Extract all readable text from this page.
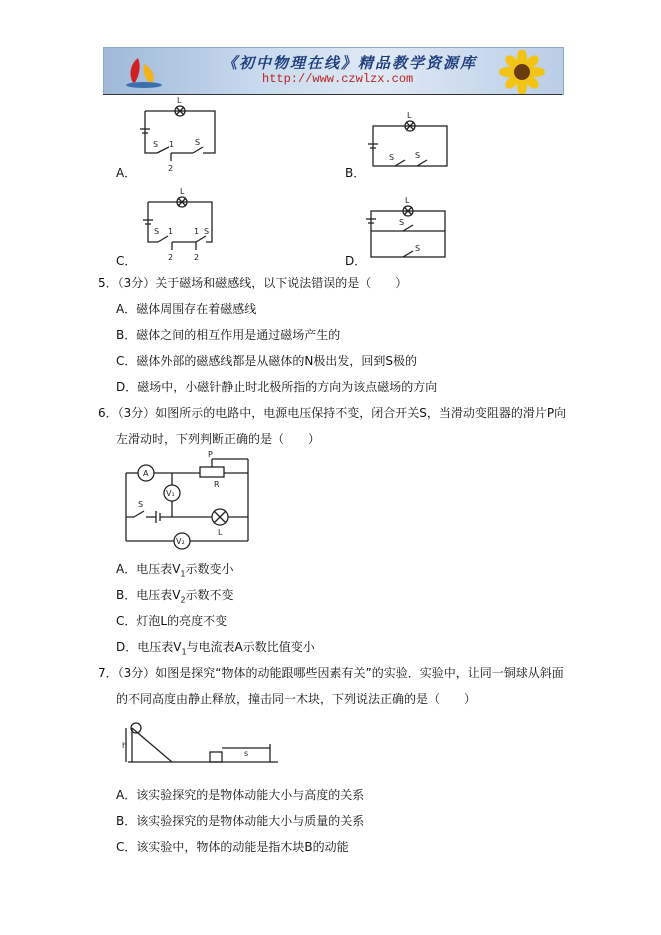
《初中物理在线》精品教学资源库
http://www.czwlzx.com
L
S 1	S
2
A．
L
S	S
B．
L
S 1	1 S
2	2
C．
L
S
S
D．
5．（3分）关于磁场和磁感线，以下说法错误的是（　　）
A．磁体周围存在着磁感线
B．磁体之间的相互作用是通过磁场产生的
C．磁体外部的磁感线都是从磁体的N极出发，回到S极的
D．磁场中，小磁针静止时北极所指的方向为该点磁场的方向
6．（3分）如图所示的电路中，电源电压保持不变，闭合开关S，当滑动变阻器的滑片P向
左滑动时，下列判断正确的是（　　）
A
P
R
V₁
S
L
V₂
A．电压表$V_1$示数变小
B．电压表$V_2$示数不变
C．灯泡L的亮度不变
D．电压表$V_1$与电流表A示数比值变小
7．（3分）如图是探究“物体的动能跟哪些因素有关”的实验．实验中，让同一铜球从斜面
的不同高度由静止释放，撞击同一木块，下列说法正确的是（　　）
h
s
A．该实验探究的是物体动能大小与高度的关系
B．该实验探究的是物体动能大小与质量的关系
C．该实验中，物体的动能是指木块B的动能
